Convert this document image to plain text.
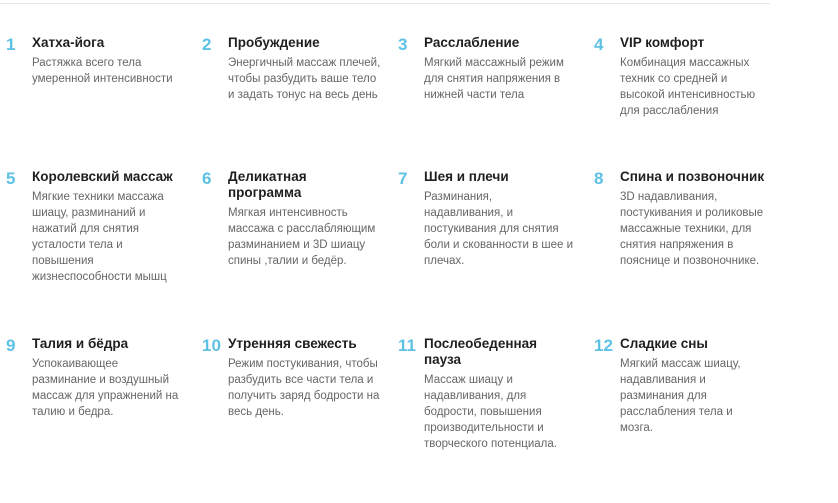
1 Хатха-йога
Растяжка всего тела умеренной интенсивности
2 Пробуждение
Энергичный массаж плечей, чтобы разбудить ваше тело и задать тонус на весь день
3 Расслабление
Мягкий массажный режим для снятия напряжения в нижней части тела
4 VIP комфорт
Комбинация массажных техник со средней и высокой интенсивностью для расслабления
5 Королевский массаж
Мягкие техники массажа шиацу, разминаний и нажатий для снятия усталости тела и повышения жизнеспособности мышц
6 Деликатная программа
Мягкая интенсивность массажа с расслабляющим разминанием и 3D шиацу спины ,талии и бедёр.
7 Шея и плечи
Разминания, надавливания, и постукивания для снятия боли и скованности в шее и плечах.
8 Спина и позвоночник
3D надавливания, постукивания и роликовые массажные техники, для снятия напряжения в пояснице и позвоночнике.
9 Талия и бёдра
Успокаивающее разминание и воздушный массаж для упражнений на талию и бедра.
10 Утренняя свежесть
Режим постукивания, чтобы разбудить все части тела и получить заряд бодрости на весь день.
11 Послеобеденная пауза
Массаж шиацу и надавливания, для бодрости, повышения производительности и творческого потенциала.
12 Сладкие сны
Мягкий массаж шиацу, надавливания и разминания для расслабления тела и мозга.
